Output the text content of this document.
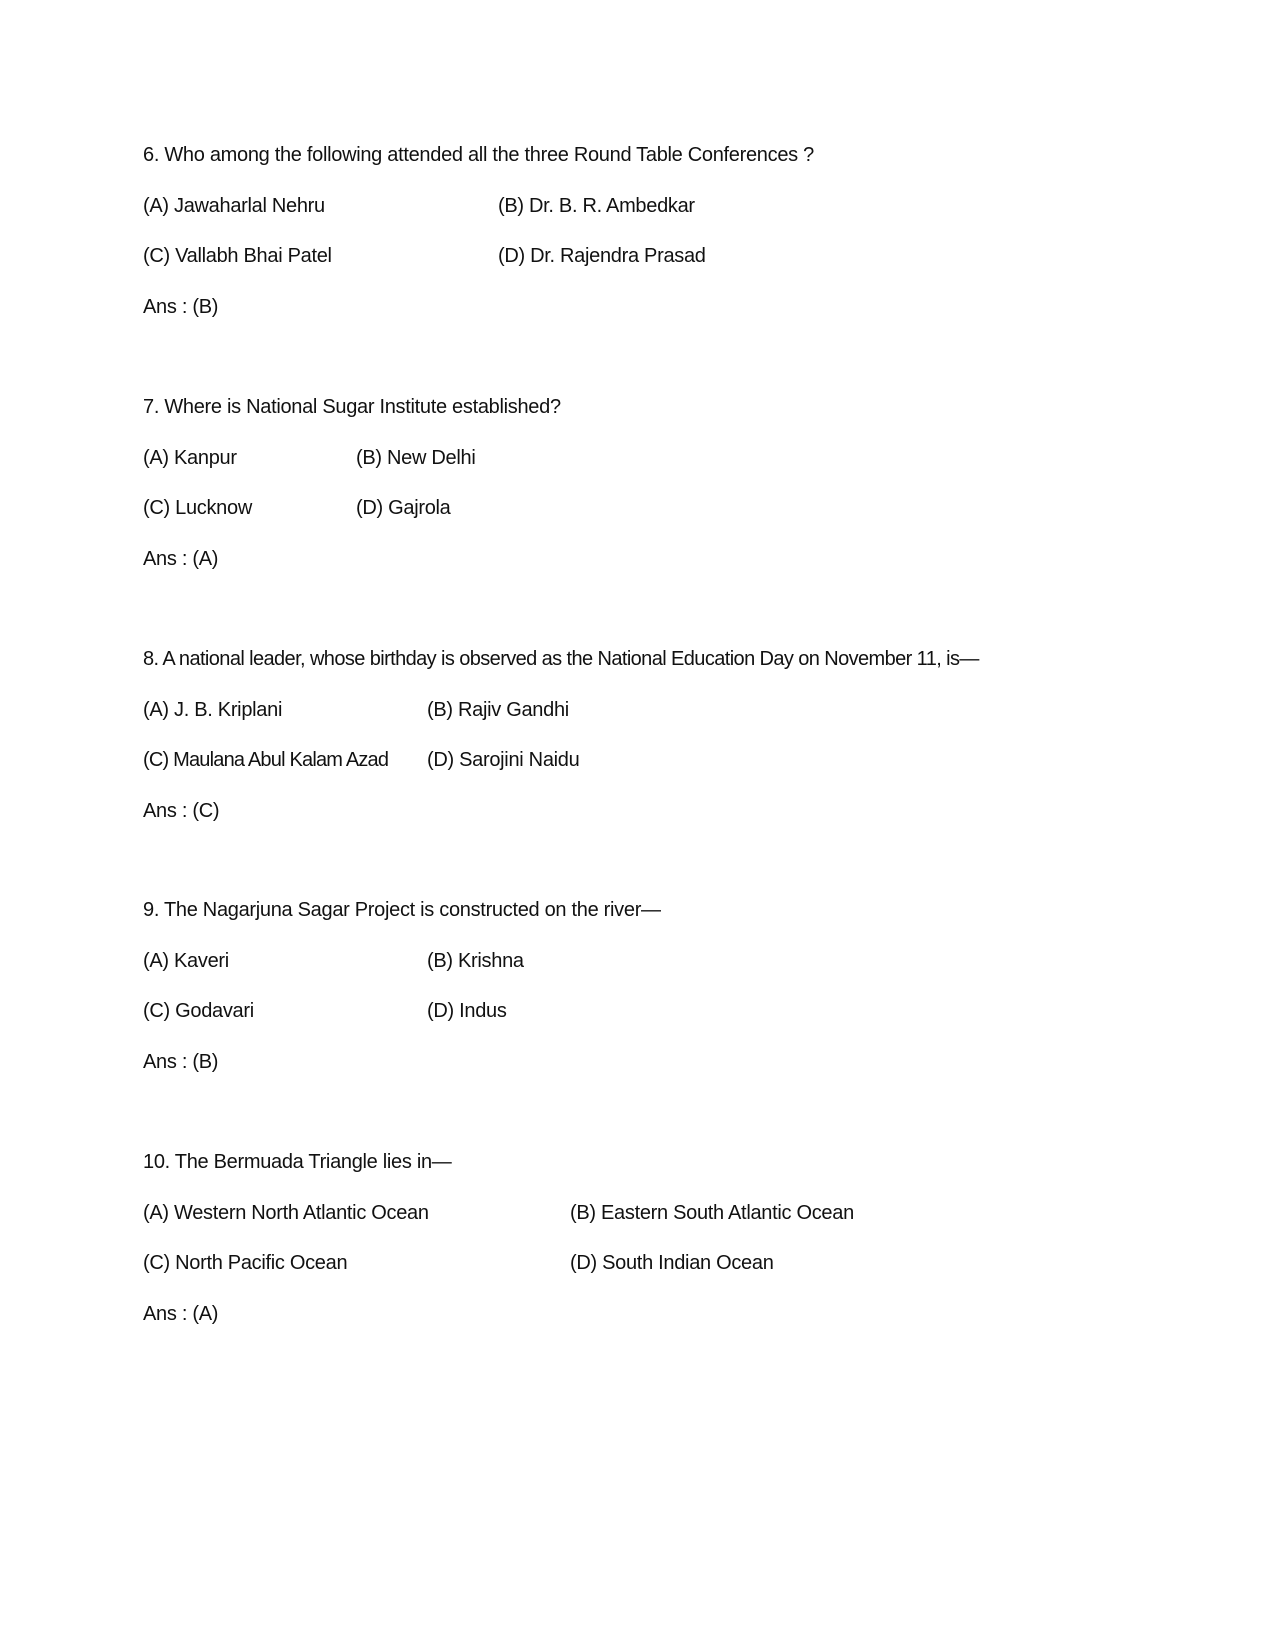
6. Who among the following attended all the three Round Table Conferences ?
(A) Jawaharlal Nehru	(B) Dr. B. R. Ambedkar
(C) Vallabh Bhai Patel	(D) Dr. Rajendra Prasad
Ans : (B)
7. Where is National Sugar Institute established?
(A) Kanpur	(B) New Delhi
(C) Lucknow	(D) Gajrola
Ans : (A)
8. A national leader, whose birthday is observed as the National Education Day on November 11, is—
(A) J. B. Kriplani	(B) Rajiv Gandhi
(C) Maulana Abul Kalam Azad (D) Sarojini Naidu
Ans : (C)
9. The Nagarjuna Sagar Project is constructed on the river—
(A) Kaveri	(B) Krishna
(C) Godavari	(D) Indus
Ans : (B)
10. The Bermuada Triangle lies in—
(A) Western North Atlantic Ocean	(B) Eastern South Atlantic Ocean
(C) North Pacific Ocean	(D) South Indian Ocean
Ans : (A)
